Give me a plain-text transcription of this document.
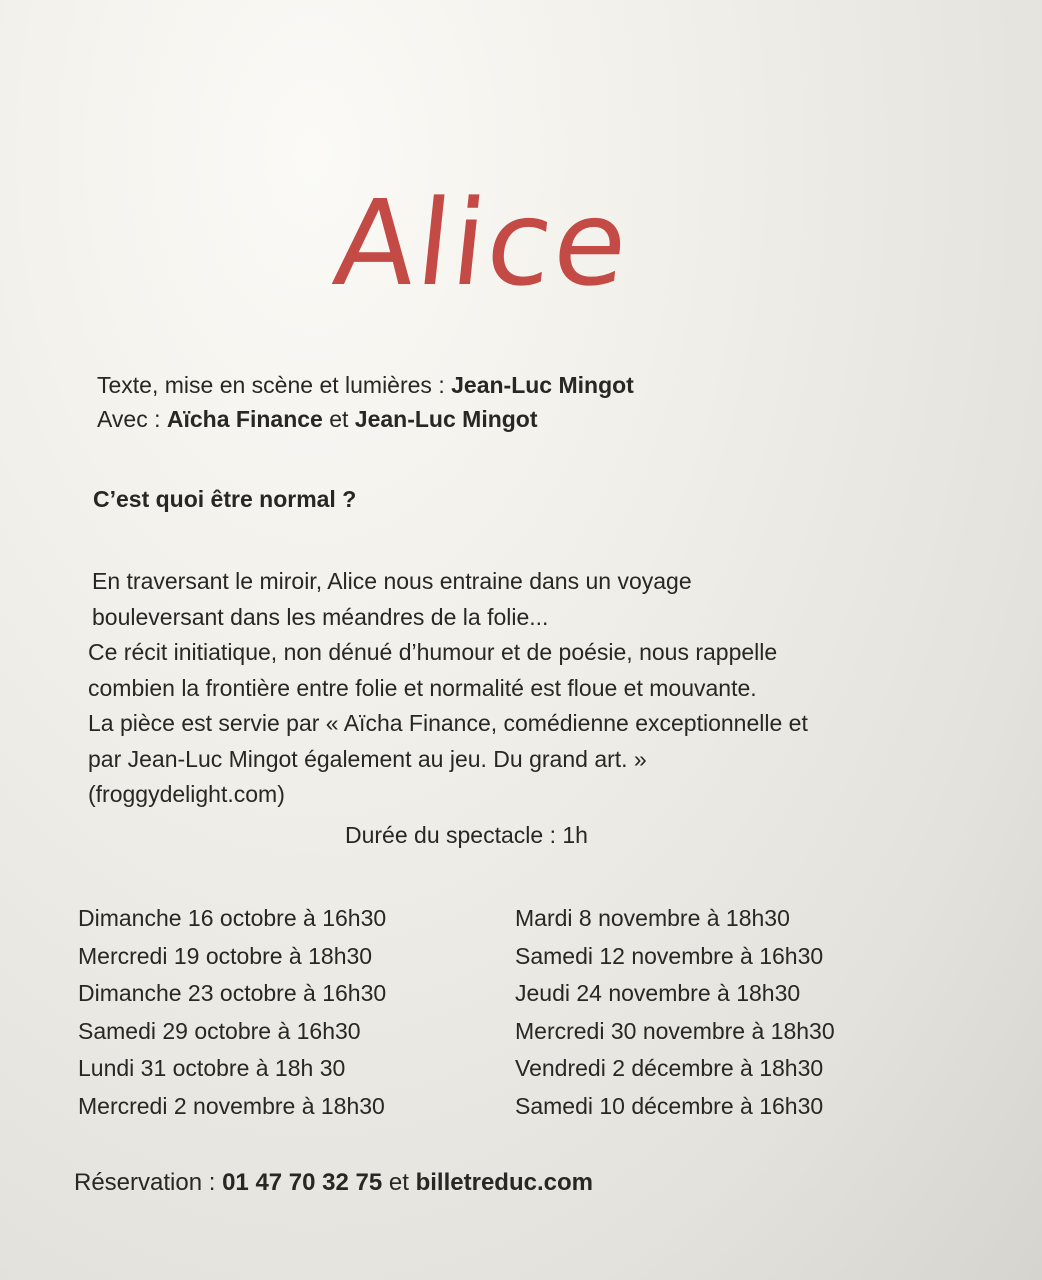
Alice
Texte, mise en scène et lumières : Jean-Luc Mingot
Avec : Aïcha Finance et Jean-Luc Mingot
C’est quoi être normal ?
En traversant le miroir, Alice nous entraine dans un voyage
bouleversant dans les méandres de la folie...
Ce récit initiatique, non dénué d’humour et de poésie, nous rappelle
combien la frontière entre folie et normalité est floue et mouvante.
La pièce est servie par « Aïcha Finance, comédienne exceptionnelle et
par Jean-Luc Mingot également au jeu. Du grand art. »
(froggydelight.com)
Durée du spectacle : 1h
Dimanche 16 octobre à 16h30
Mercredi 19 octobre à 18h30
Dimanche 23 octobre à 16h30
Samedi 29 octobre à 16h30
Lundi 31 octobre à 18h 30
Mercredi 2 novembre à 18h30
Mardi 8 novembre à 18h30
Samedi 12 novembre à 16h30
Jeudi 24 novembre à 18h30
Mercredi 30 novembre à 18h30
Vendredi 2 décembre à 18h30
Samedi 10 décembre à 16h30
Réservation : 01 47 70 32 75 et billetreduc.com
